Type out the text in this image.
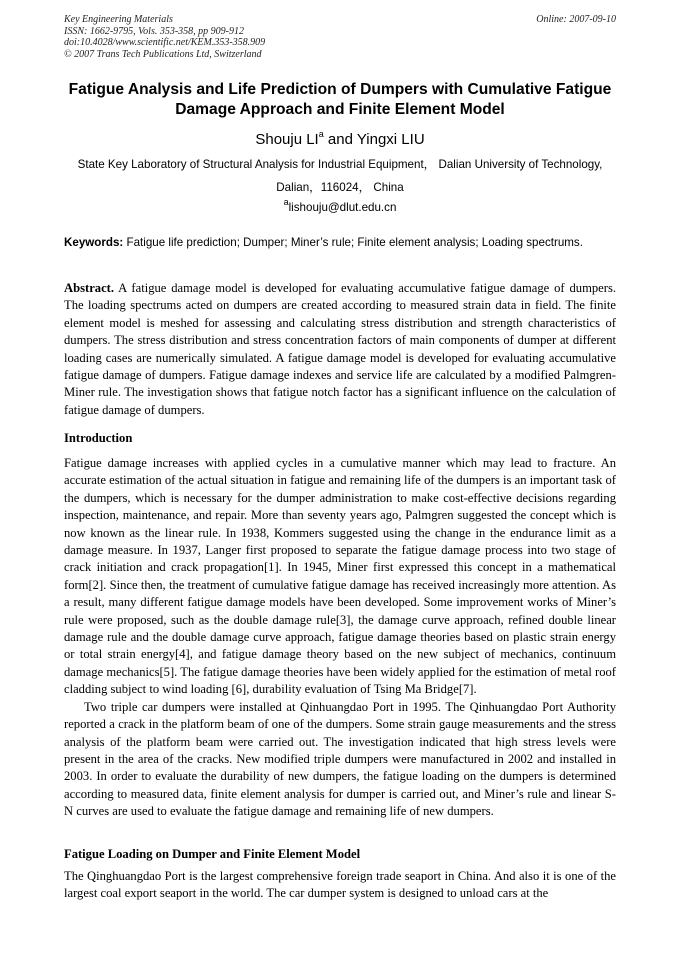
Key Engineering Materials	Online: 2007-09-10
ISSN: 1662-9795, Vols. 353-358, pp 909-912
doi:10.4028/www.scientific.net/KEM.353-358.909
© 2007 Trans Tech Publications Ltd, Switzerland
Fatigue Analysis and Life Prediction of Dumpers with Cumulative Fatigue Damage Approach and Finite Element Model
Shouju $LI^a$ and Yingxi LIU
State Key Laboratory of Structural Analysis for Industrial Equipment， Dalian University of Technology, Dalian，116024， China
$^a$lishouju@dlut.edu.cn
Keywords: Fatigue life prediction; Dumper; Miner’s rule; Finite element analysis; Loading spectrums.
Abstract. A fatigue damage model is developed for evaluating accumulative fatigue damage of dumpers. The loading spectrums acted on dumpers are created according to measured strain data in field. The finite element model is meshed for assessing and calculating stress distribution and strength characteristics of dumpers. The stress distribution and stress concentration factors of main components of dumper at different loading cases are numerically simulated. A fatigue damage model is developed for evaluating accumulative fatigue damage of dumpers. Fatigue damage indexes and service life are calculated by a modified Palmgren-Miner rule. The investigation shows that fatigue notch factor has a significant influence on the calculation of fatigue damage of dumpers.
Introduction

Fatigue damage increases with applied cycles in a cumulative manner which may lead to fracture. An accurate estimation of the actual situation in fatigue and remaining life of the dumpers is an important task of the dumpers, which is necessary for the dumper administration to make cost-effective decisions regarding inspection, maintenance, and repair. More than seventy years ago, Palmgren suggested the concept which is now known as the linear rule. In 1938, Kommers suggested using the change in the endurance limit as a damage measure. In 1937, Langer first proposed to separate the fatigue damage process into two stage of crack initiation and crack propagation[1]. In 1945, Miner first expressed this concept in a mathematical form[2]. Since then, the treatment of cumulative fatigue damage has received increasingly more attention. As a result, many different fatigue damage models have been developed. Some improvement works of Miner’s rule were proposed, such as the double damage rule[3], the damage curve approach, refined double linear damage rule and the double damage curve approach, fatigue damage theories based on plastic strain energy or total strain energy[4], and fatigue damage theory based on the new subject of mechanics, continuum damage mechanics[5]. The fatigue damage theories have been widely applied for the estimation of metal roof cladding subject to wind loading [6], durability evaluation of Tsing Ma Bridge[7].

Two triple car dumpers were installed at Qinhuangdao Port in 1995. The Qinhuangdao Port Authority reported a crack in the platform beam of one of the dumpers. Some strain gauge measurements and the stress analysis of the platform beam were carried out. The investigation indicated that high stress levels were present in the area of the cracks. New modified triple dumpers were manufactured in 2002 and installed in 2003. In order to evaluate the durability of new dumpers, the fatigue loading on the dumpers is determined according to measured data, finite element analysis for dumper is carried out, and Miner’s rule and linear S-N curves are used to evaluate the fatigue damage and remaining life of new dumpers.

Fatigue Loading on Dumper and Finite Element Model

The Qinghuangdao Port is the largest comprehensive foreign trade seaport in China. And also it is one of the largest coal export seaport in the world. The car dumper system is designed to unload cars at the
